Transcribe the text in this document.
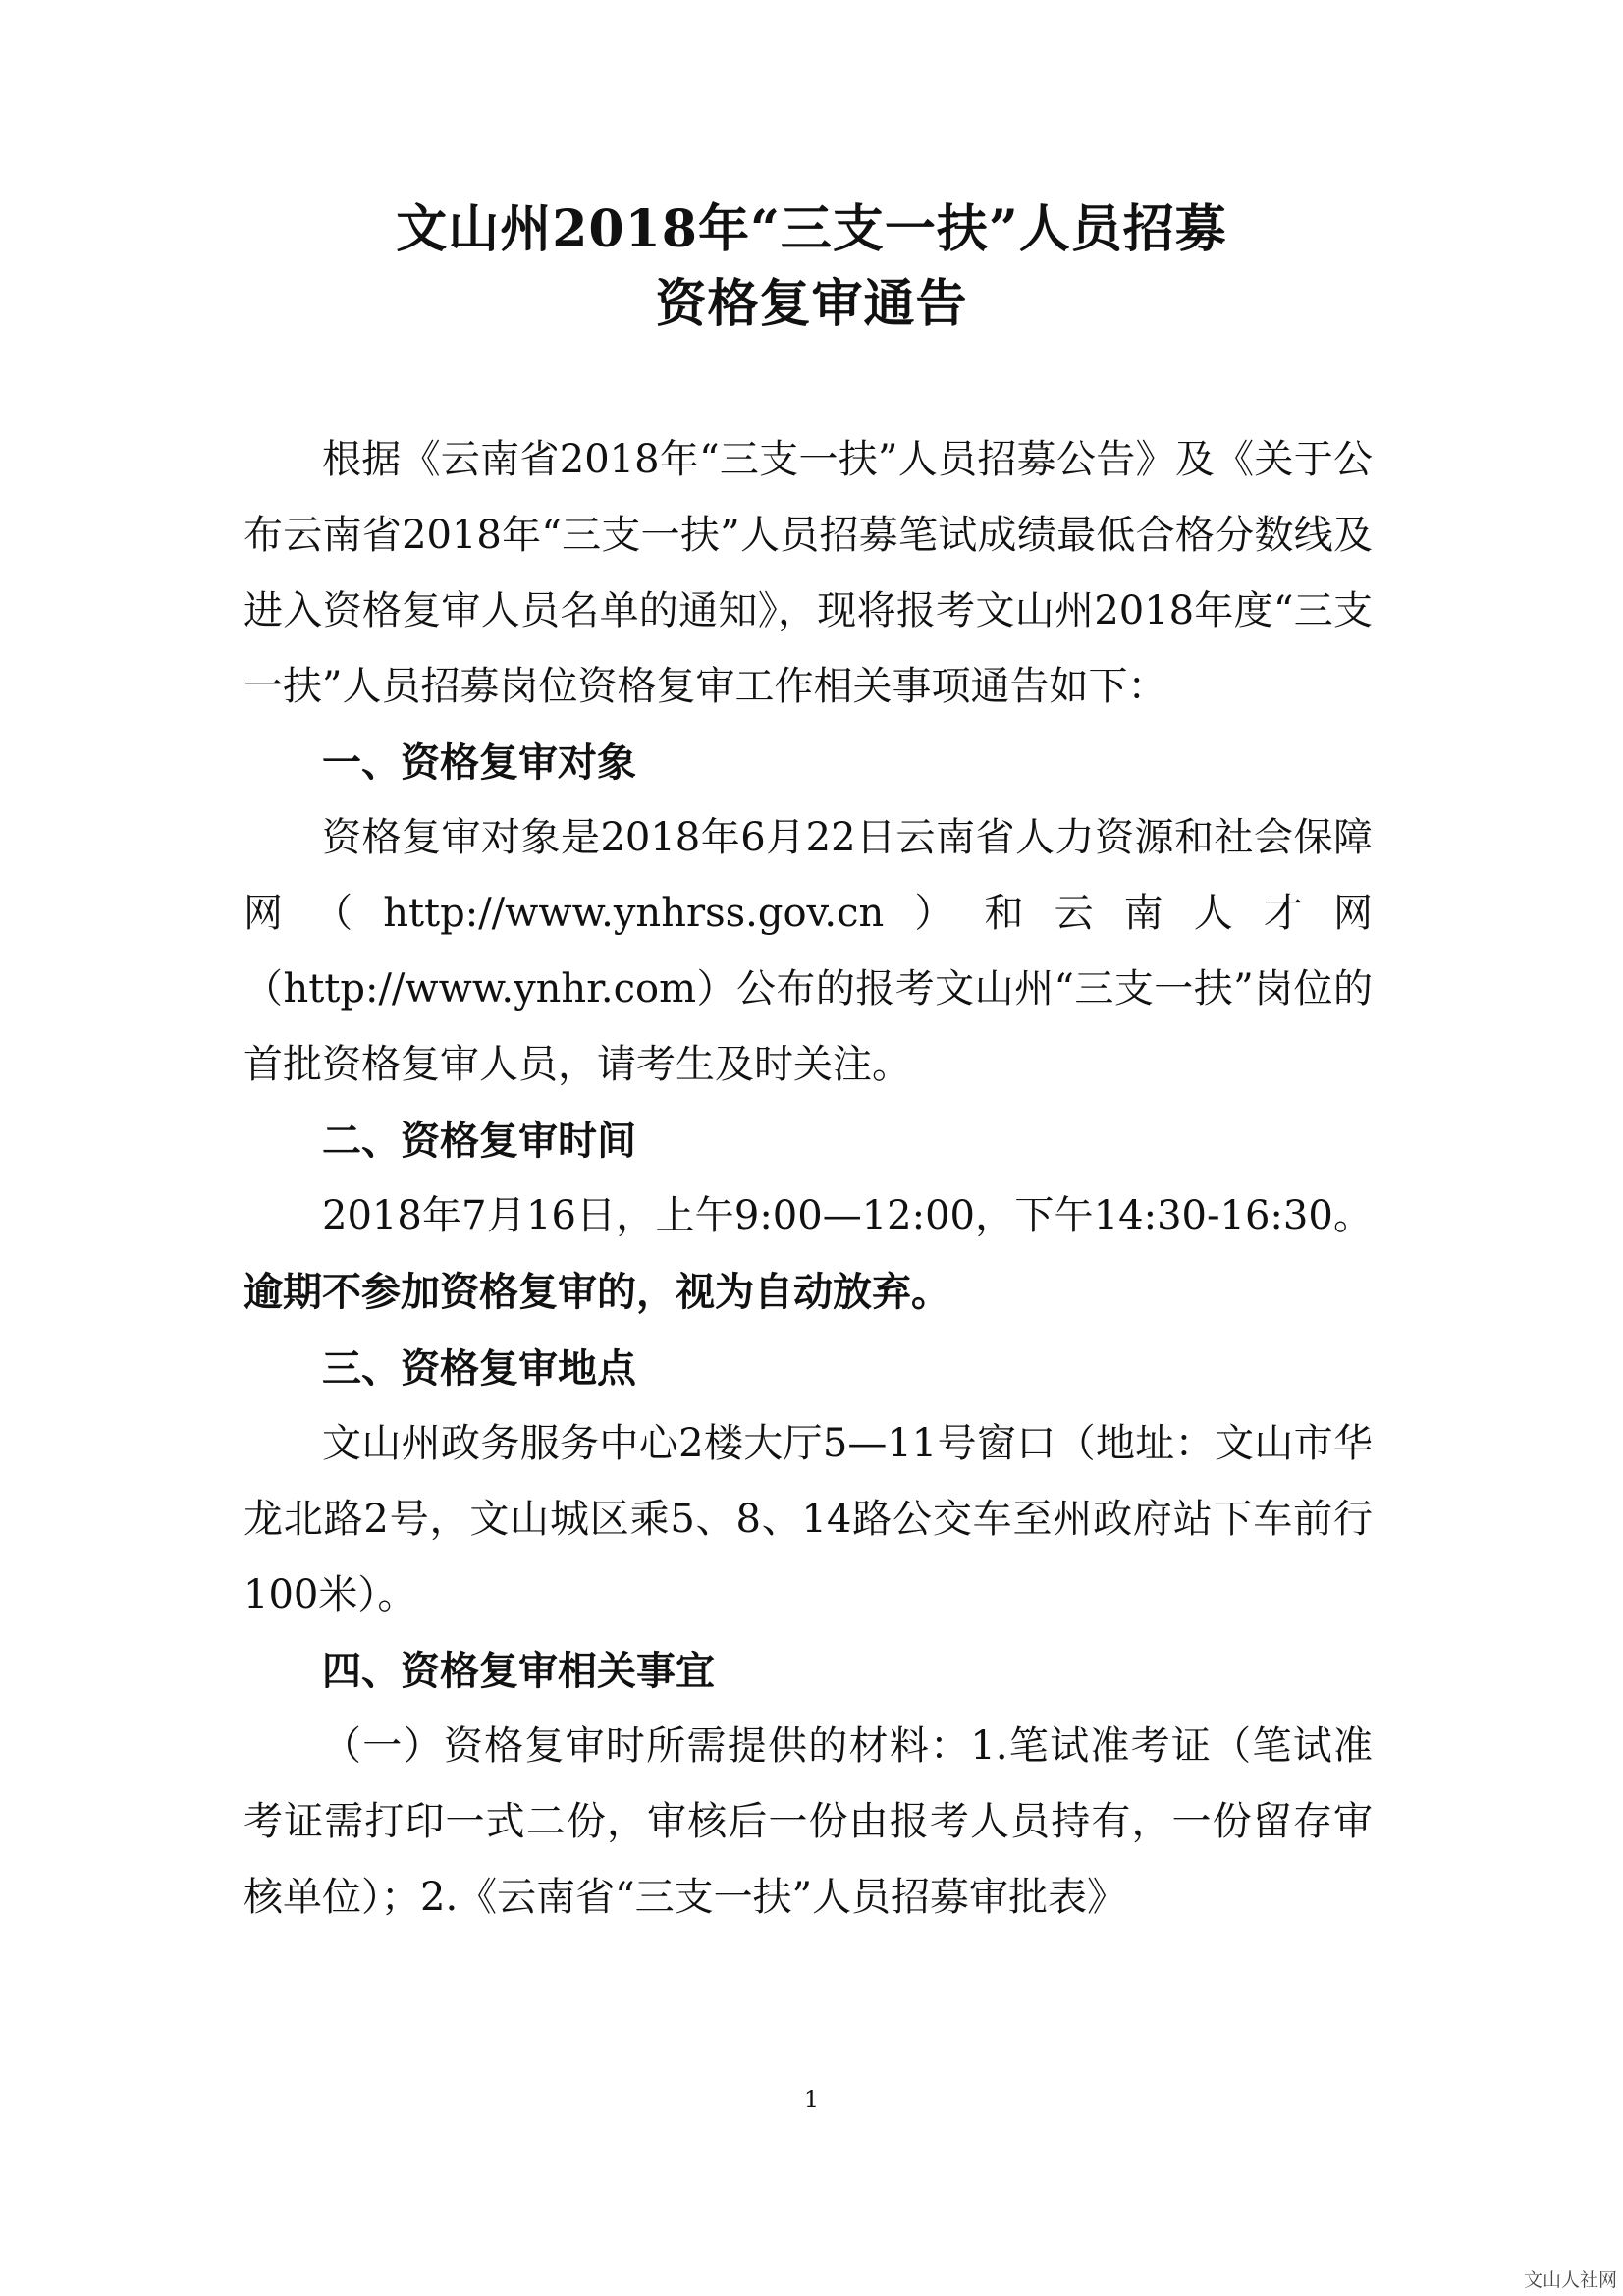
文山州2018年“三支一扶”人员招募
资格复审通告

根据《云南省2018年“三支一扶”人员招募公告》及《关于公布云南省2018年“三支一扶”人员招募笔试成绩最低合格分数线及进入资格复审人员名单的通知》，现将报考文山州2018年度“三支一扶”人员招募岗位资格复审工作相关事项通告如下：

一、资格复审对象

资格复审对象是2018年6月22日云南省人力资源和社会保障网（http://www.ynhrss.gov.cn）和云南人才网（http://www.ynhr.com）公布的报考文山州“三支一扶”岗位的首批资格复审人员，请考生及时关注。

二、资格复审时间

2018年7月16日，上午9:00—12:00，下午14:30-16:30。逾期不参加资格复审的，视为自动放弃。

三、资格复审地点

文山州政务服务中心2楼大厅5—11号窗口（地址：文山市华龙北路2号，文山城区乘5、8、14路公交车至州政府站下车前行100米）。

四、资格复审相关事宜

（一）资格复审时所需提供的材料：1.笔试准考证（笔试准考证需打印一式二份，审核后一份由报考人员持有，一份留存审核单位）；2.《云南省“三支一扶”人员招募审批表》

1
文山人社网
